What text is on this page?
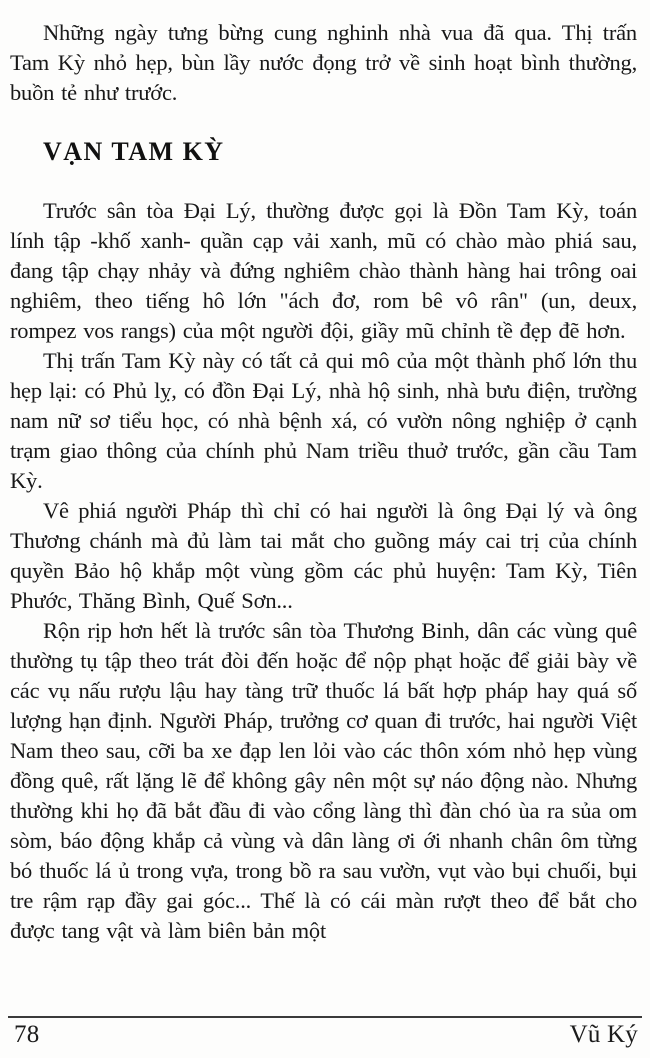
Những ngày tưng bừng cung nghinh nhà vua đã qua. Thị trấn Tam Kỳ nhỏ hẹp, bùn lầy nước đọng trở về sinh hoạt bình thường, buồn tẻ như trước.

VẠN TAM KỲ

Trước sân tòa Đại Lý, thường được gọi là Đồn Tam Kỳ, toán lính tập -khố xanh- quần cạp vải xanh, mũ có chào mào phiá sau, đang tập chạy nhảy và đứng nghiêm chào thành hàng hai trông oai nghiêm, theo tiếng hô lớn "ách đơ, rom bê vô rân" (un, deux, rompez vos rangs) của một người đội, giầy mũ chỉnh tề đẹp đẽ hơn.

Thị trấn Tam Kỳ này có tất cả qui mô của một thành phố lớn thu hẹp lại: có Phủ lỵ, có đồn Đại Lý, nhà hộ sinh, nhà bưu điện, trường nam nữ sơ tiểu học, có nhà bệnh xá, có vườn nông nghiệp ở cạnh trạm giao thông của chính phủ Nam triều thuở trước, gần cầu Tam Kỳ.

Vê phiá người Pháp thì chỉ có hai người là ông Đại lý và ông Thương chánh mà đủ làm tai mắt cho guồng máy cai trị của chính quyền Bảo hộ khắp một vùng gồm các phủ huyện: Tam Kỳ, Tiên Phước, Thăng Bình, Quế Sơn...

Rộn rịp hơn hết là trước sân tòa Thương Binh, dân các vùng quê thường tụ tập theo trát đòi đến hoặc để nộp phạt hoặc để giải bày về các vụ nấu rượu lậu hay tàng trữ thuốc lá bất hợp pháp hay quá số lượng hạn định. Người Pháp, trưởng cơ quan đi trước, hai người Việt Nam theo sau, cỡi ba xe đạp len lỏi vào các thôn xóm nhỏ hẹp vùng đồng quê, rất lặng lẽ để không gây nên một sự náo động nào. Nhưng thường khi họ đã bắt đầu đi vào cổng làng thì đàn chó ùa ra sủa om sòm, báo động khắp cả vùng và dân làng ơi ới nhanh chân ôm từng bó thuốc lá ủ trong vựa, trong bồ ra sau vườn, vụt vào bụi chuối, bụi tre rậm rạp đầy gai góc... Thế là có cái màn rượt theo để bắt cho được tang vật và làm biên bản một

78	Vũ Ký
